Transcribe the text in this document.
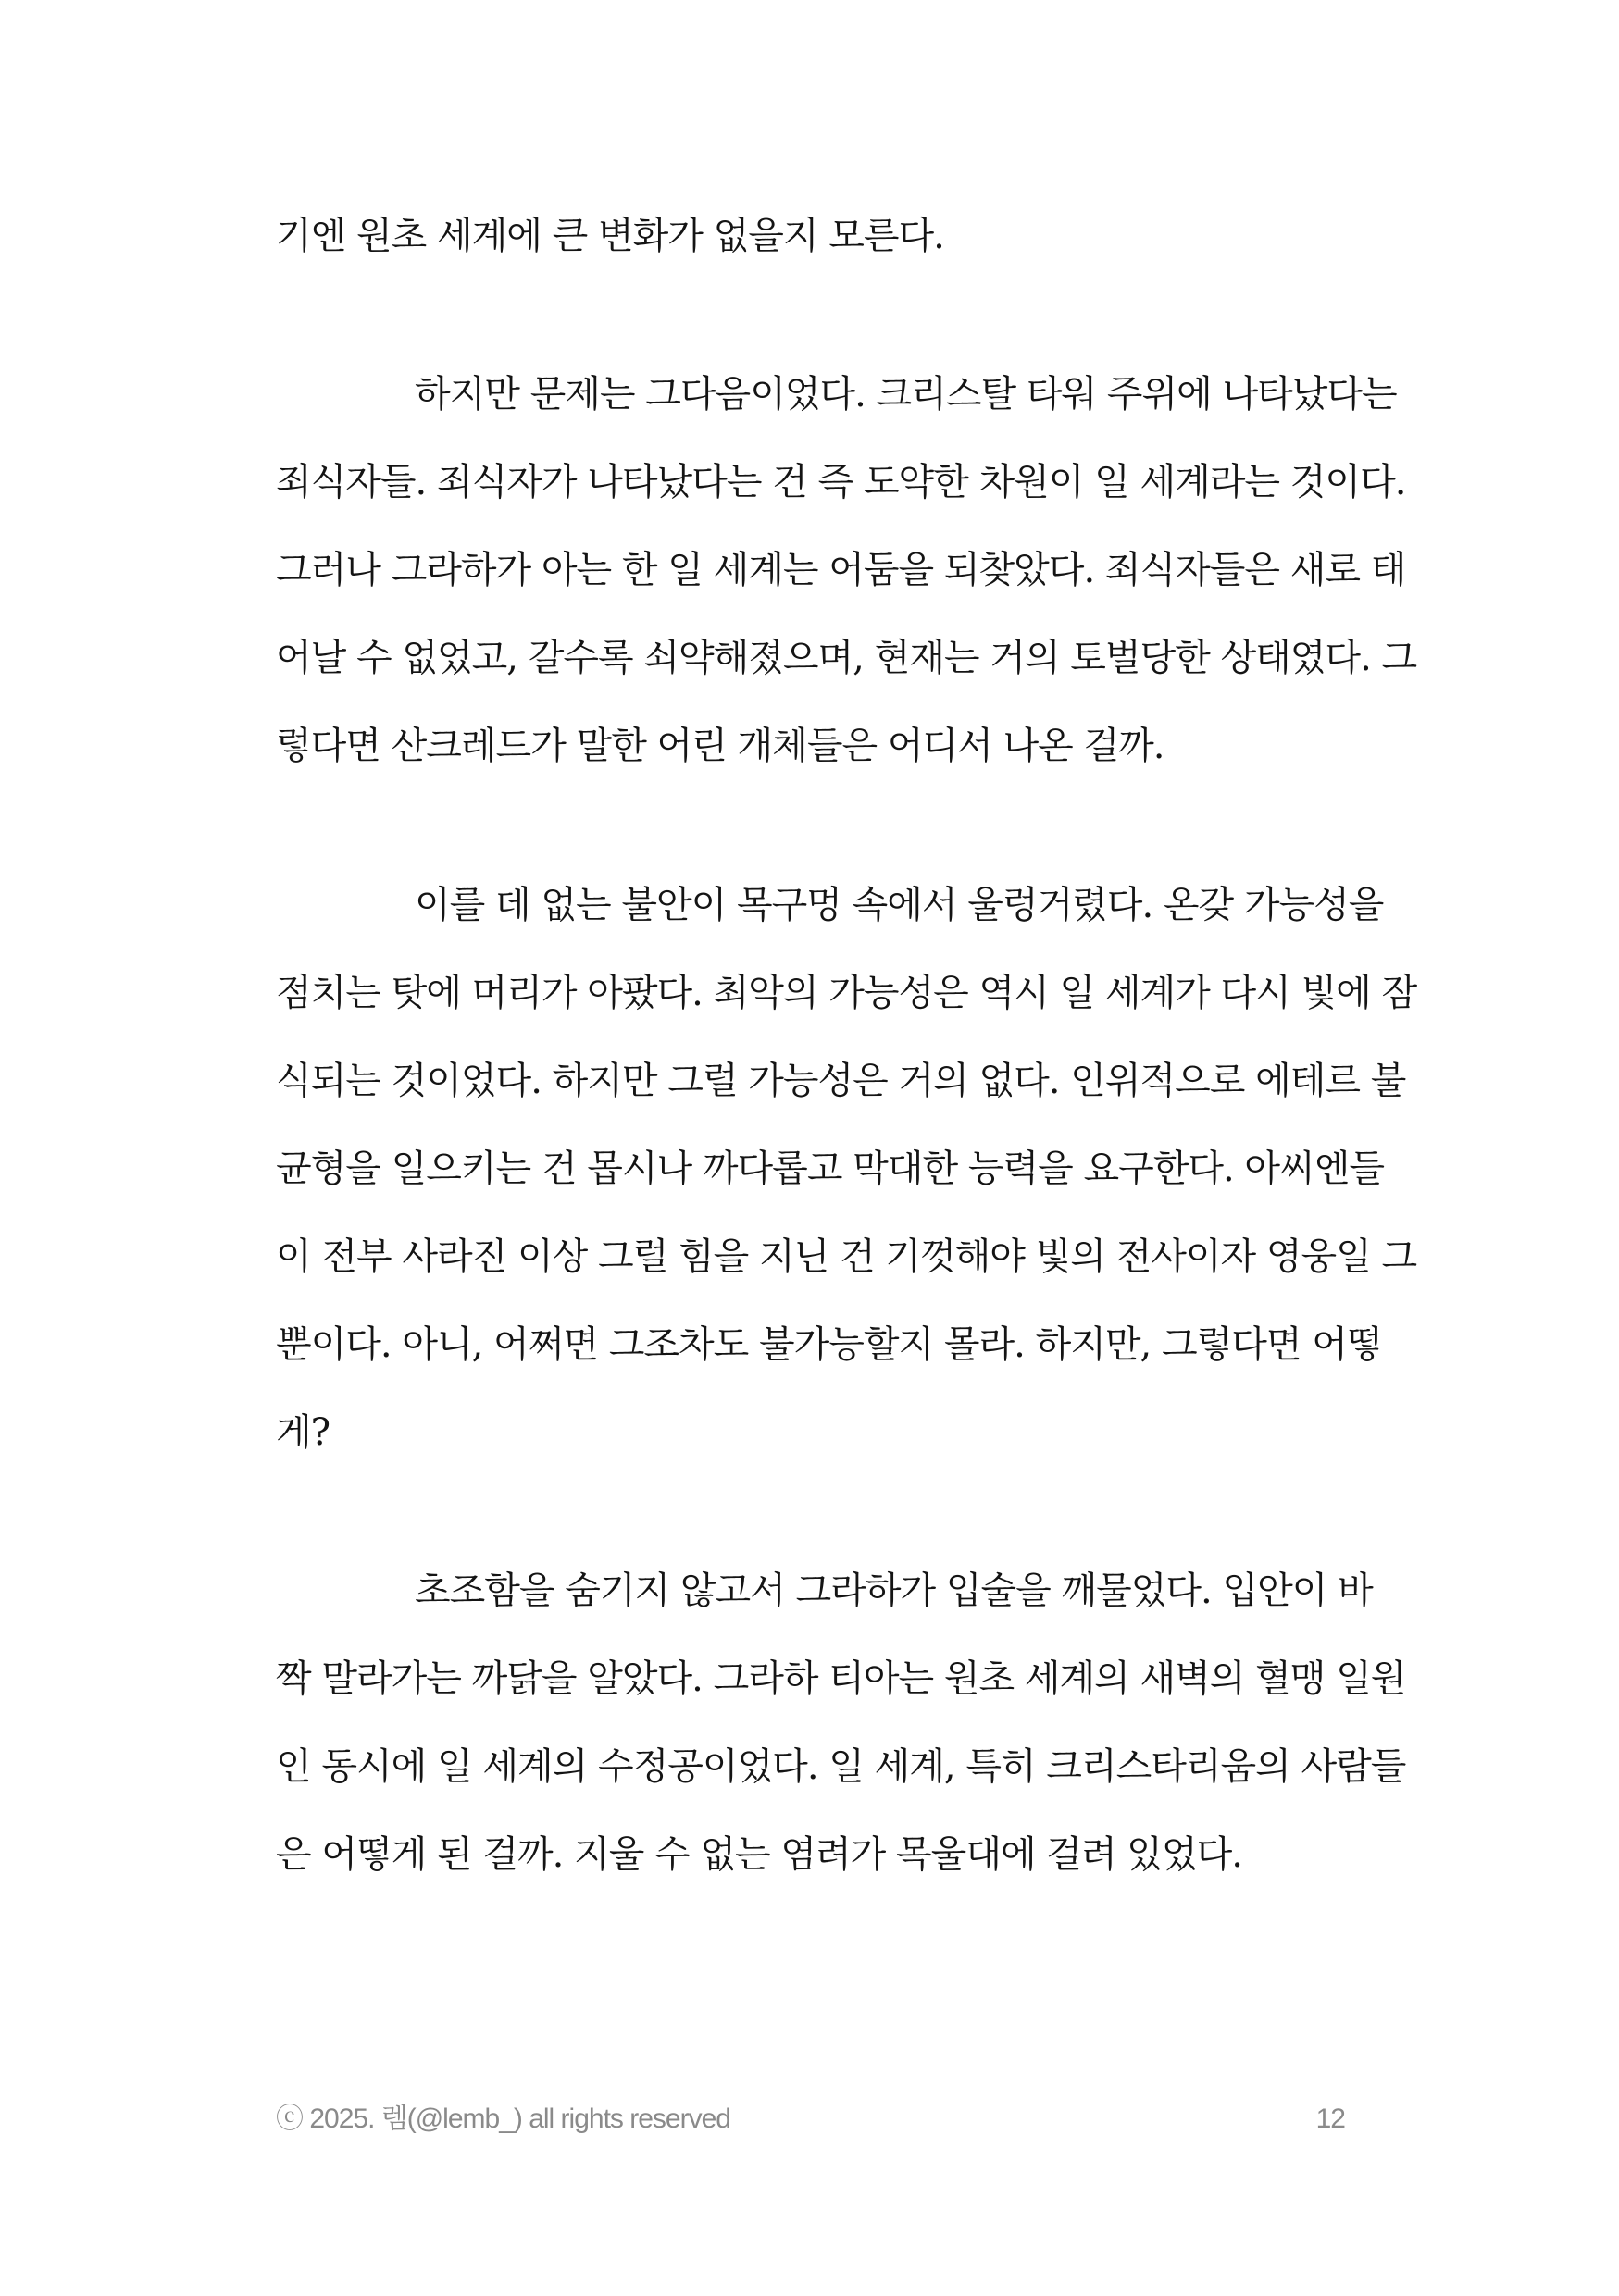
기엔 원초 세계에 큰 변화가 없을지 모른다.
하지만 문제는 그다음이었다. 크리스탈 타워 주위에 나타났다는
죄식자들. 죄식자가 나타났다는 건 즉 도약한 차원이 일 세계라는 것이다.
그러나 그라하가 아는 한 일 세계는 어둠을 되찾았다. 죄식자들은 새로 태
어날 수 없었고, 갈수록 쇠약해졌으며, 현재는 거의 토벌당한 상태였다. 그
렇다면 산크레드가 말한 어린 개체들은 어디서 나온 걸까.
이를 데 없는 불안이 목구멍 속에서 울렁거렸다. 온갖 가능성을
점치는 탓에 머리가 아팠다. 최악의 가능성은 역시 일 세계가 다시 빛에 잠
식되는 것이었다. 하지만 그럴 가능성은 거의 없다. 인위적으로 에테르 불
균형을 일으키는 건 몹시나 까다롭고 막대한 능력을 요구한다. 아씨엔들
이 전부 사라진 이상 그럴 힘을 지닌 건 기껏해야 빛의 전사이자 영웅일 그
뿐이다. 아니, 어쩌면 그조차도 불가능할지 몰라. 하지만, 그렇다면 어떻
게?
초조함을 숨기지 않고서 그라하가 입술을 깨물었다. 입안이 바
짝 말라가는 까닭을 알았다. 그라하 티아는 원초 세계의 새벽의 혈맹 일원
인 동시에 일 세계의 수정공이었다. 일 세계, 특히 크리스타리움의 사람들
은 어떻게 된 걸까. 지울 수 없는 염려가 목울대에 걸려 있었다.
ⓒ 2025. 렘(@lemb_) all rights reserved	12
